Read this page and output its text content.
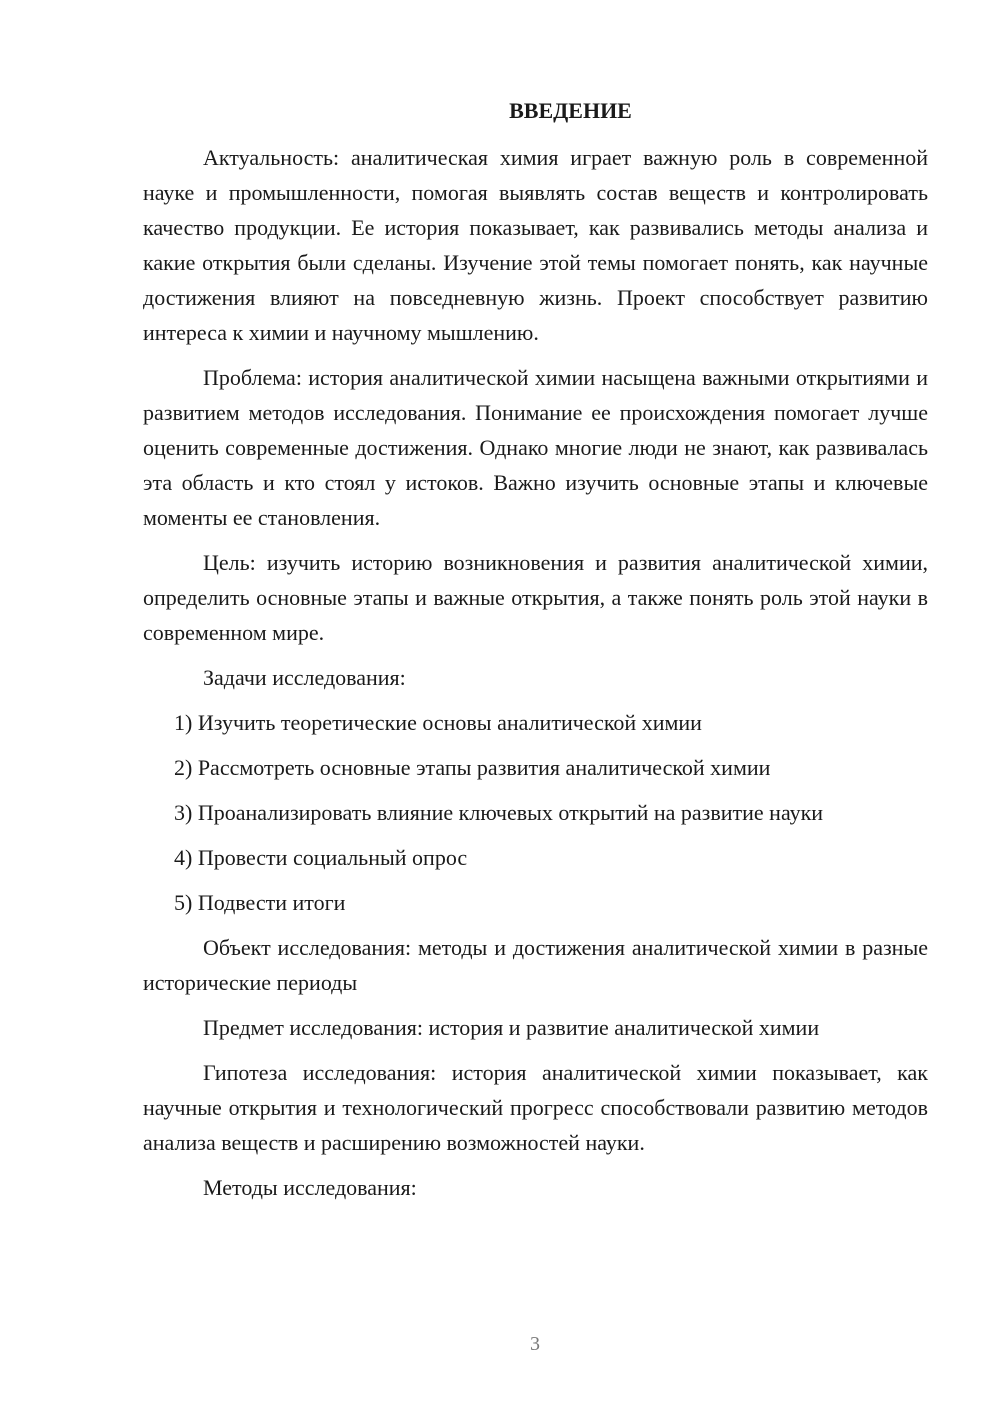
ВВЕДЕНИЕ

Актуальность: аналитическая химия играет важную роль в современной науке и промышленности, помогая выявлять состав веществ и контролировать качество продукции. Ее история показывает, как развивались методы анализа и какие открытия были сделаны. Изучение этой темы помогает понять, как научные достижения влияют на повседневную жизнь. Проект способствует развитию интереса к химии и научному мышлению.

Проблема: история аналитической химии насыщена важными открытиями и развитием методов исследования. Понимание ее происхождения помогает лучше оценить современные достижения. Однако многие люди не знают, как развивалась эта область и кто стоял у истоков. Важно изучить основные этапы и ключевые моменты ее становления.

Цель: изучить историю возникновения и развития аналитической химии, определить основные этапы и важные открытия, а также понять роль этой науки в современном мире.

Задачи исследования:

1) Изучить теоретические основы аналитической химии
2) Рассмотреть основные этапы развития аналитической химии
3) Проанализировать влияние ключевых открытий на развитие науки
4) Провести социальный опрос
5) Подвести итоги

Объект исследования: методы и достижения аналитической химии в разные исторические периоды

Предмет исследования: история и развитие аналитической химии

Гипотеза исследования: история аналитической химии показывает, как научные открытия и технологический прогресс способствовали развитию методов анализа веществ и расширению возможностей науки.

Методы исследования:

3
